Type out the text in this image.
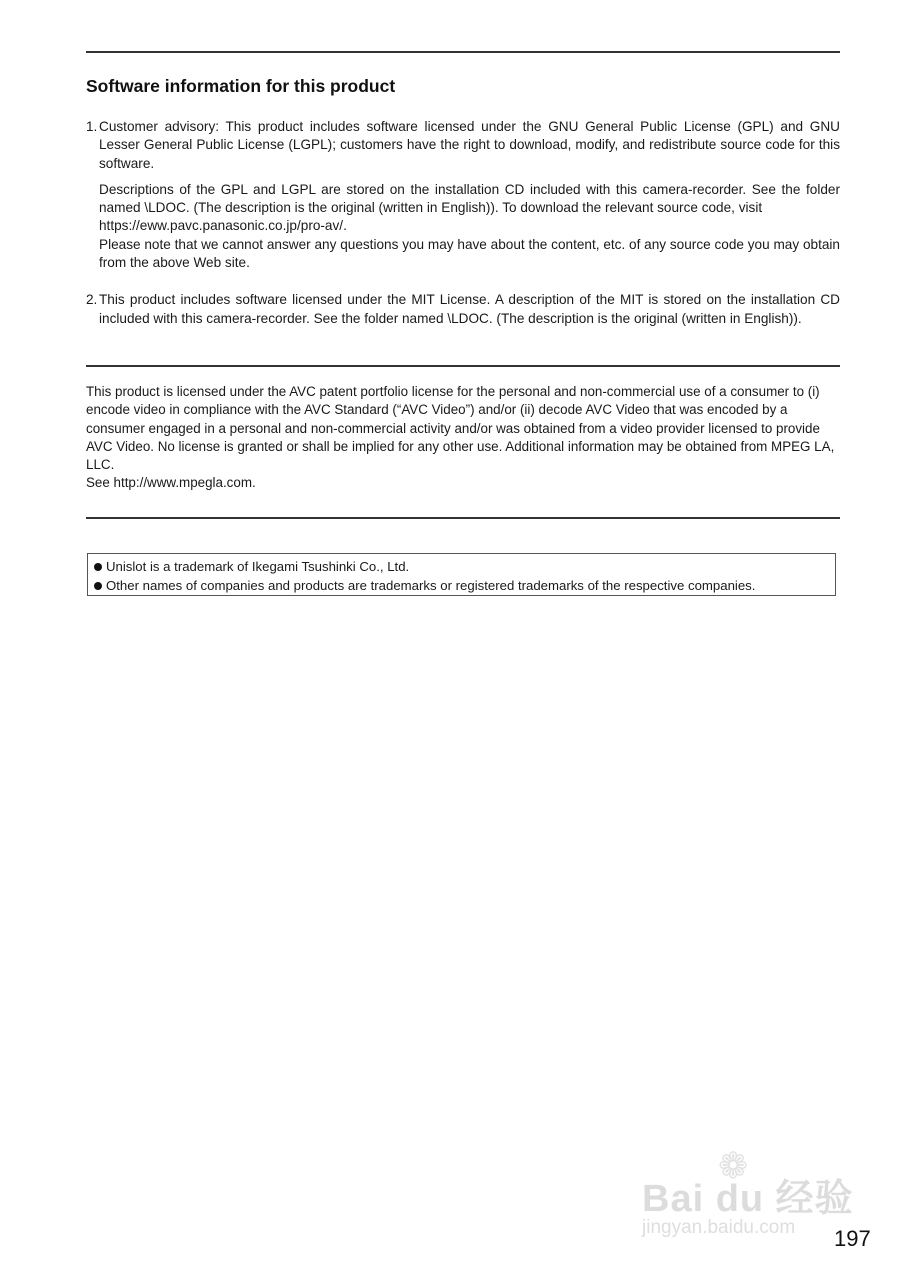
Software information for this product
1. Customer advisory: This product includes software licensed under the GNU General Public License (GPL) and GNU Lesser General Public License (LGPL); customers have the right to download, modify, and redistribute source code for this software.
Descriptions of the GPL and LGPL are stored on the installation CD included with this camera-recorder. See the folder named \LDOC. (The description is the original (written in English)). To download the relevant source code, visit
https://eww.pavc.panasonic.co.jp/pro-av/.
Please note that we cannot answer any questions you may have about the content, etc. of any source code you may obtain from the above Web site.
2. This product includes software licensed under the MIT License. A description of the MIT is stored on the installation CD included with this camera-recorder. See the folder named \LDOC. (The description is the original (written in English)).
This product is licensed under the AVC patent portfolio license for the personal and non-commercial use of a consumer to (i) encode video in compliance with the AVC Standard (“AVC Video”) and/or (ii) decode AVC Video that was encoded by a consumer engaged in a personal and non-commercial activity and/or was obtained from a video provider licensed to provide AVC Video. No license is granted or shall be implied for any other use. Additional information may be obtained from MPEG LA, LLC.
See http://www.mpegla.com.
Unislot is a trademark of Ikegami Tsushinki Co., Ltd.
Other names of companies and products are trademarks or registered trademarks of the respective companies.
❁
Bai du 经验
jingyan.baidu.com 197
